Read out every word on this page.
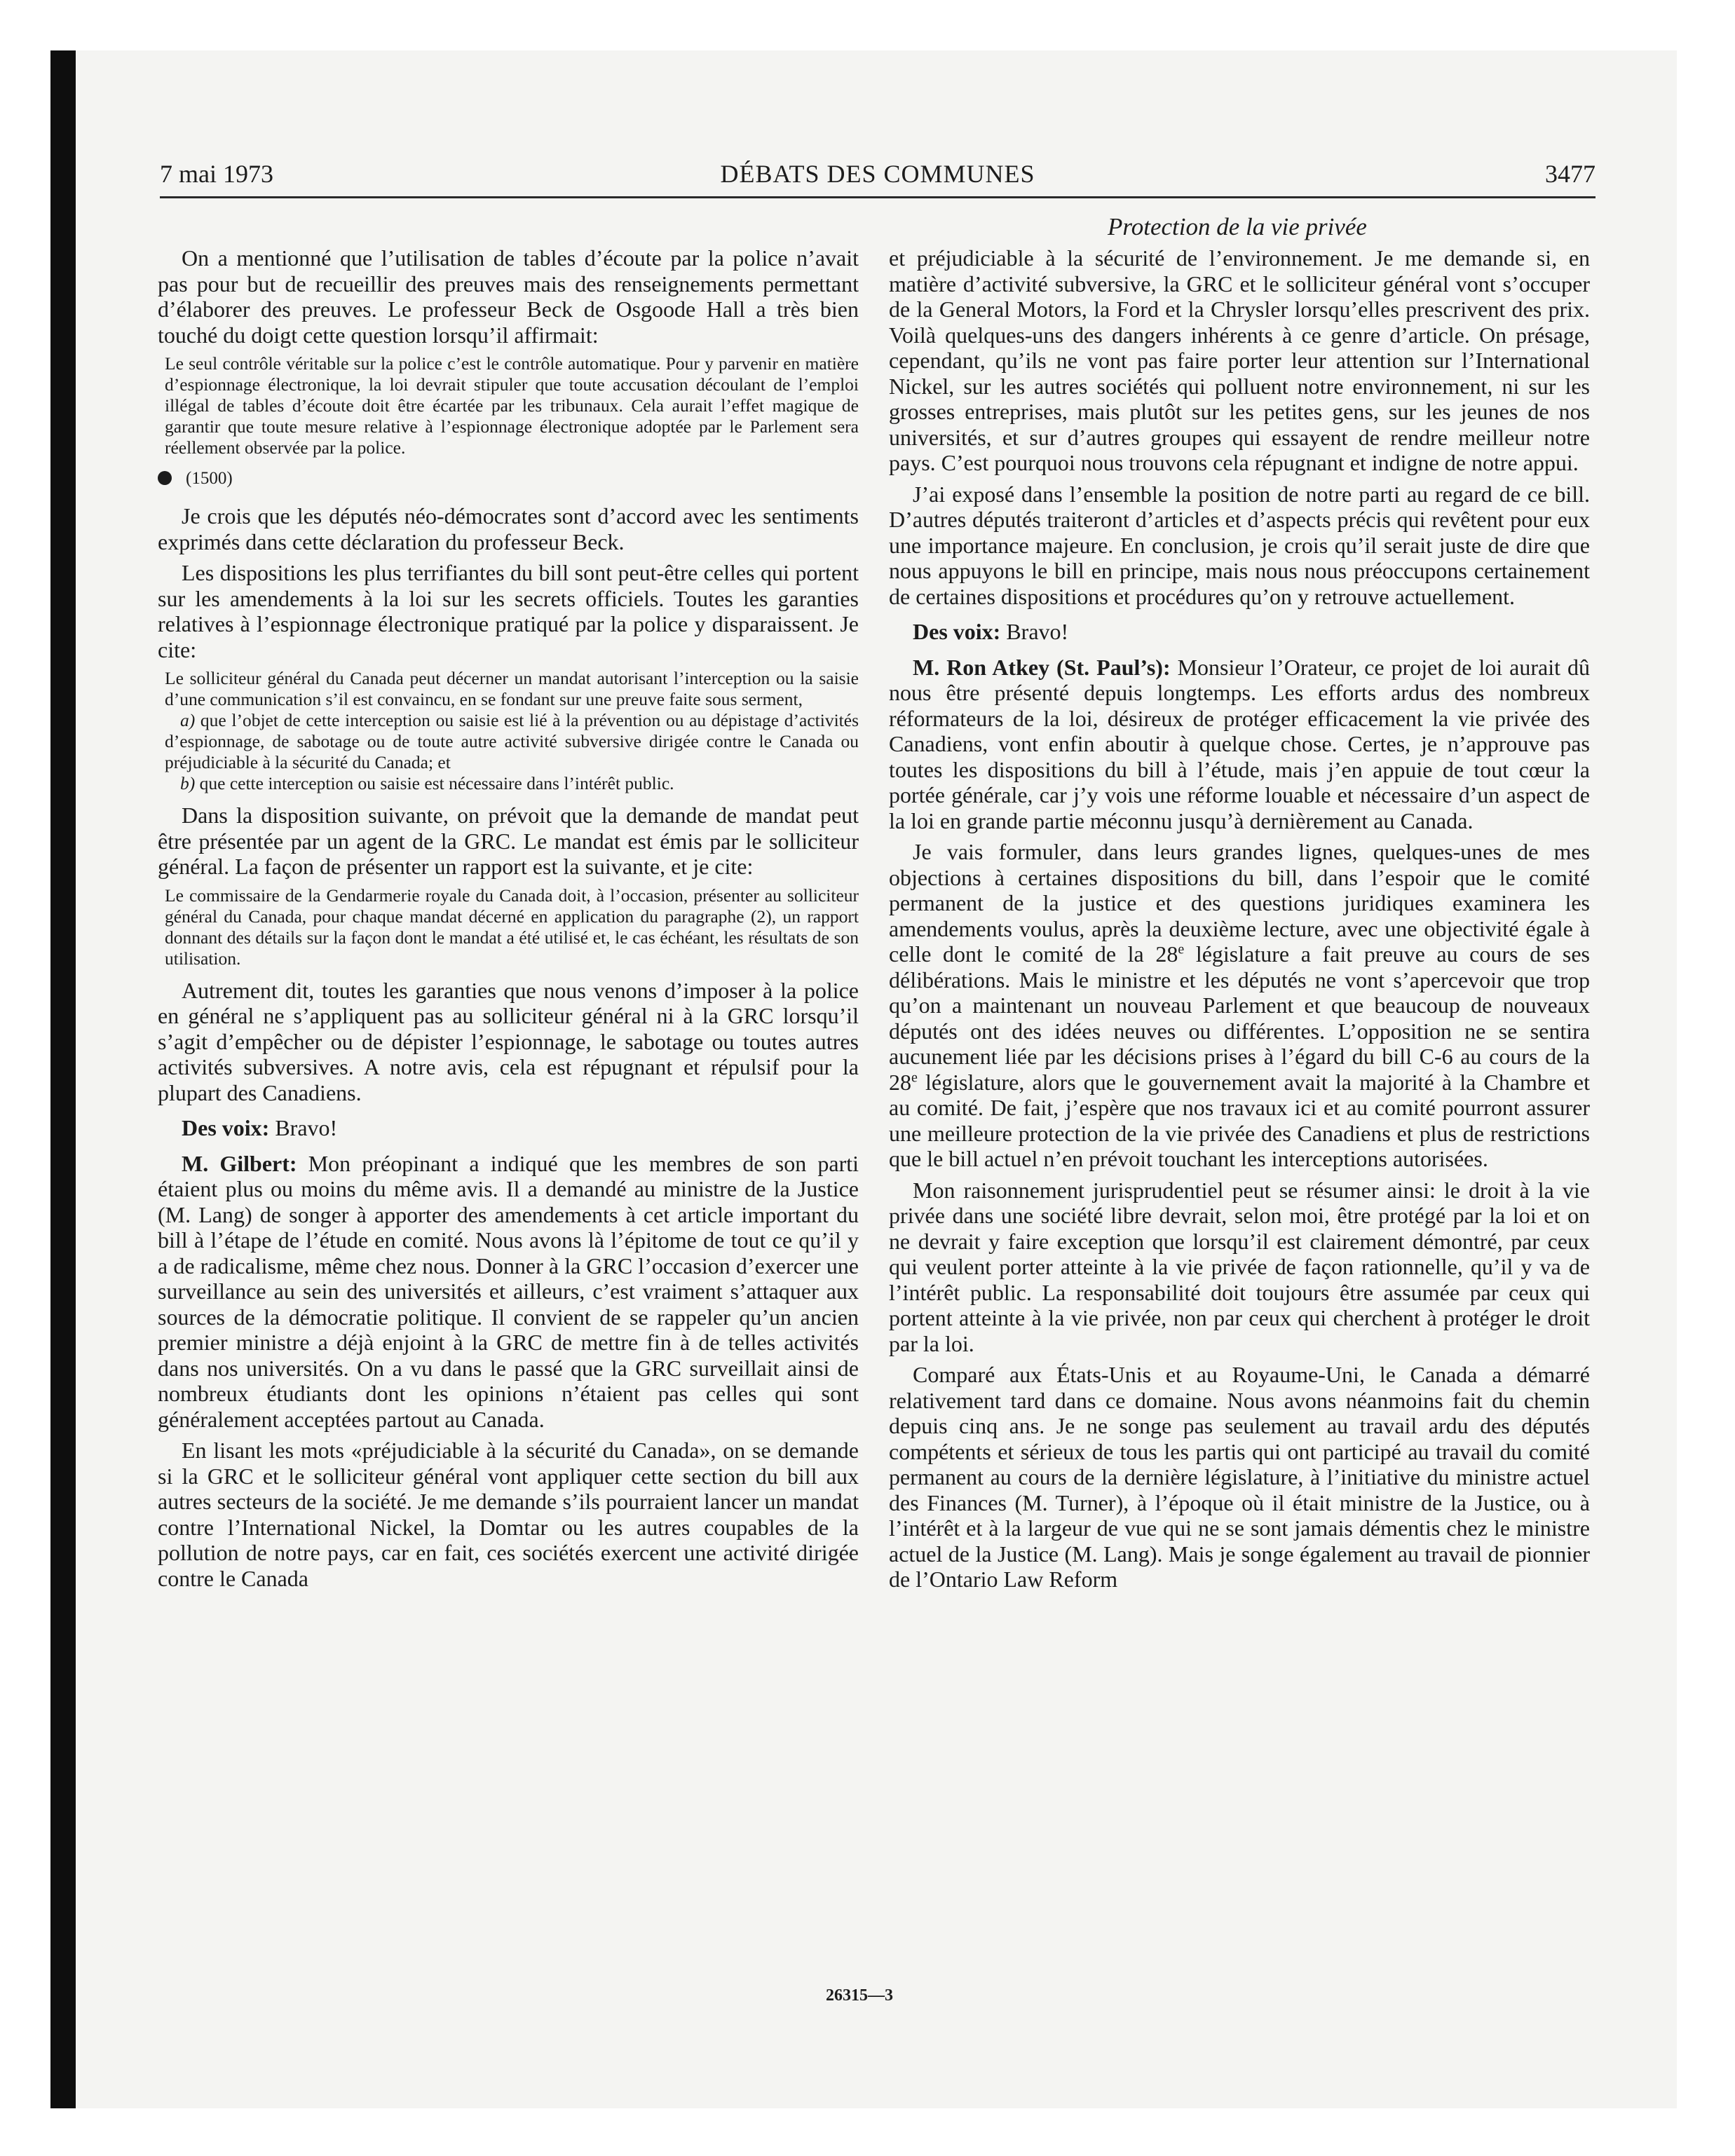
DÉBATS DES COMMUNES
7 mai 1973	3477
Protection de la vie privée

On a mentionné que l’utilisation de tables d’écoute par la police n’avait pas pour but de recueillir des preuves mais des renseignements permettant d’élaborer des preuves. Le professeur Beck de Osgoode Hall a très bien touché du doigt cette question lorsqu’il affirmait:

Le seul contrôle véritable sur la police c’est le contrôle automatique. Pour y parvenir en matière d’espionnage électronique, la loi devrait stipuler que toute accusation découlant de l’emploi illégal de tables d’écoute doit être écartée par les tribunaux. Cela aurait l’effet magique de garantir que toute mesure relative à l’espionnage électronique adoptée par le Parlement sera réellement observée par la police.
(1500)

Je crois que les députés néo-démocrates sont d’accord avec les sentiments exprimés dans cette déclaration du professeur Beck.

Les dispositions les plus terrifiantes du bill sont peut-être celles qui portent sur les amendements à la loi sur les secrets officiels. Toutes les garanties relatives à l’espionnage électronique pratiqué par la police y disparaissent. Je cite:

Le solliciteur général du Canada peut décerner un mandat autorisant l’interception ou la saisie d’une communication s’il est convaincu, en se fondant sur une preuve faite sous serment,
a) que l’objet de cette interception ou saisie est lié à la prévention ou au dépistage d’activités d’espionnage, de sabotage ou de toute autre activité subversive dirigée contre le Canada ou préjudiciable à la sécurité du Canada; et
b) que cette interception ou saisie est nécessaire dans l’intérêt public.

Dans la disposition suivante, on prévoit que la demande de mandat peut être présentée par un agent de la GRC. Le mandat est émis par le solliciteur général. La façon de présenter un rapport est la suivante, et je cite:

Le commissaire de la Gendarmerie royale du Canada doit, à l’occasion, présenter au solliciteur général du Canada, pour chaque mandat décerné en application du paragraphe (2), un rapport donnant des détails sur la façon dont le mandat a été utilisé et, le cas échéant, les résultats de son utilisation.

Autrement dit, toutes les garanties que nous venons d’imposer à la police en général ne s’appliquent pas au solliciteur général ni à la GRC lorsqu’il s’agit d’empêcher ou de dépister l’espionnage, le sabotage ou toutes autres activités subversives. A notre avis, cela est répugnant et répulsif pour la plupart des Canadiens.

Des voix: Bravo!

M. Gilbert: Mon préopinant a indiqué que les membres de son parti étaient plus ou moins du même avis. Il a demandé au ministre de la Justice (M. Lang) de songer à apporter des amendements à cet article important du bill à l’étape de l’étude en comité. Nous avons là l’épitome de tout ce qu’il y a de radicalisme, même chez nous. Donner à la GRC l’occasion d’exercer une surveillance au sein des universités et ailleurs, c’est vraiment s’attaquer aux sources de la démocratie politique. Il convient de se rappeler qu’un ancien premier ministre a déjà enjoint à la GRC de mettre fin à de telles activités dans nos universités. On a vu dans le passé que la GRC surveillait ainsi de nombreux étudiants dont les opinions n’étaient pas celles qui sont généralement acceptées partout au Canada.

En lisant les mots «préjudiciable à la sécurité du Canada», on se demande si la GRC et le solliciteur général vont appliquer cette section du bill aux autres secteurs de la société. Je me demande s’ils pourraient lancer un mandat contre l’International Nickel, la Domtar ou les autres coupables de la pollution de notre pays, car en fait, ces sociétés exercent une activité dirigée contre le Canada

et préjudiciable à la sécurité de l’environnement. Je me demande si, en matière d’activité subversive, la GRC et le solliciteur général vont s’occuper de la General Motors, la Ford et la Chrysler lorsqu’elles prescrivent des prix. Voilà quelques-uns des dangers inhérents à ce genre d’article. On présage, cependant, qu’ils ne vont pas faire porter leur attention sur l’International Nickel, sur les autres sociétés qui polluent notre environnement, ni sur les grosses entreprises, mais plutôt sur les petites gens, sur les jeunes de nos universités, et sur d’autres groupes qui essayent de rendre meilleur notre pays. C’est pourquoi nous trouvons cela répugnant et indigne de notre appui.

J’ai exposé dans l’ensemble la position de notre parti au regard de ce bill. D’autres députés traiteront d’articles et d’aspects précis qui revêtent pour eux une importance majeure. En conclusion, je crois qu’il serait juste de dire que nous appuyons le bill en principe, mais nous nous préoccupons certainement de certaines dispositions et procédures qu’on y retrouve actuellement.

Des voix: Bravo!

M. Ron Atkey (St. Paul’s): Monsieur l’Orateur, ce projet de loi aurait dû nous être présenté depuis longtemps. Les efforts ardus des nombreux réformateurs de la loi, désireux de protéger efficacement la vie privée des Canadiens, vont enfin aboutir à quelque chose. Certes, je n’approuve pas toutes les dispositions du bill à l’étude, mais j’en appuie de tout cœur la portée générale, car j’y vois une réforme louable et nécessaire d’un aspect de la loi en grande partie méconnu jusqu’à dernièrement au Canada.

Je vais formuler, dans leurs grandes lignes, quelques-unes de mes objections à certaines dispositions du bill, dans l’espoir que le comité permanent de la justice et des questions juridiques examinera les amendements voulus, après la deuxième lecture, avec une objectivité égale à celle dont le comité de la 28e législature a fait preuve au cours de ses délibérations. Mais le ministre et les députés ne vont s’apercevoir que trop qu’on a maintenant un nouveau Parlement et que beaucoup de nouveaux députés ont des idées neuves ou différentes. L’opposition ne se sentira aucunement liée par les décisions prises à l’égard du bill C-6 au cours de la 28e législature, alors que le gouvernement avait la majorité à la Chambre et au comité. De fait, j’espère que nos travaux ici et au comité pourront assurer une meilleure protection de la vie privée des Canadiens et plus de restrictions que le bill actuel n’en prévoit touchant les interceptions autorisées.

Mon raisonnement jurisprudentiel peut se résumer ainsi: le droit à la vie privée dans une société libre devrait, selon moi, être protégé par la loi et on ne devrait y faire exception que lorsqu’il est clairement démontré, par ceux qui veulent porter atteinte à la vie privée de façon rationnelle, qu’il y va de l’intérêt public. La responsabilité doit toujours être assumée par ceux qui portent atteinte à la vie privée, non par ceux qui cherchent à protéger le droit par la loi.

Comparé aux États-Unis et au Royaume-Uni, le Canada a démarré relativement tard dans ce domaine. Nous avons néanmoins fait du chemin depuis cinq ans. Je ne songe pas seulement au travail ardu des députés compétents et sérieux de tous les partis qui ont participé au travail du comité permanent au cours de la dernière législature, à l’initiative du ministre actuel des Finances (M. Turner), à l’époque où il était ministre de la Justice, ou à l’intérêt et à la largeur de vue qui ne se sont jamais démentis chez le ministre actuel de la Justice (M. Lang). Mais je songe également au travail de pionnier de l’Ontario Law Reform

26315—3
